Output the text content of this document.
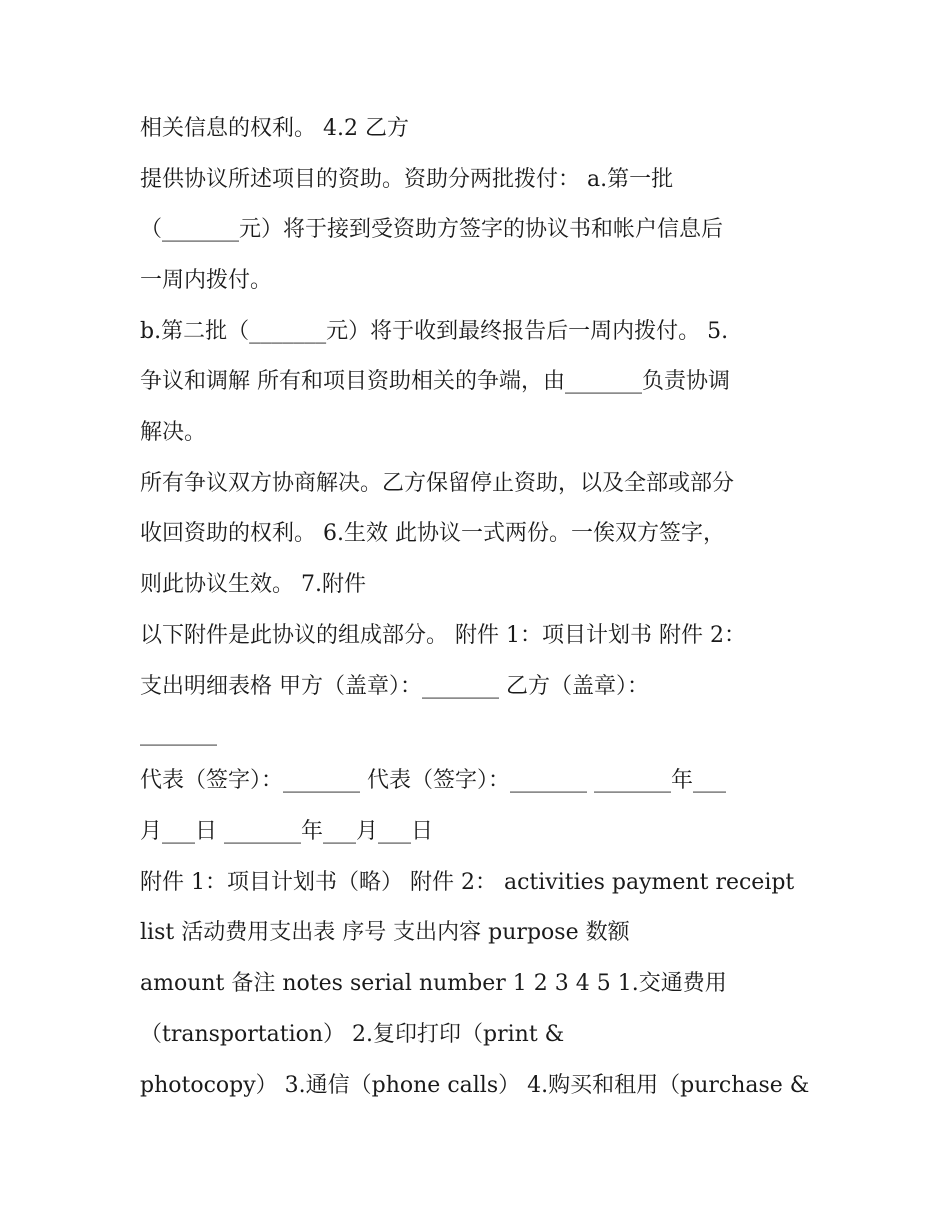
相关信息的权利。 4.2 乙方
提供协议所述项目的资助。资助分两批拨付： a.第一批
（_______元）将于接到受资助方签字的协议书和帐户信息后
一周内拨付。
b.第二批（_______元）将于收到最终报告后一周内拨付。 5.
争议和调解 所有和项目资助相关的争端，由_______负责协调
解决。
所有争议双方协商解决。乙方保留停止资助，以及全部或部分
收回资助的权利。 6.生效 此协议一式两份。一俟双方签字，
则此协议生效。 7.附件
以下附件是此协议的组成部分。 附件 1：项目计划书 附件 2：
支出明细表格 甲方（盖章）：_______ 乙方（盖章）：
_______
代表（签字）：_______ 代表（签字）：_______ _______年___
月___日 _______年___月___日
附件 1：项目计划书（略） 附件 2： activities payment receipt
list 活动费用支出表 序号 支出内容 purpose 数额
amount 备注 notes serial number 1 2 3 4 5 1.交通费用
（transportation） 2.复印打印（print &
photocopy） 3.通信（phone calls） 4.购买和租用（purchase &
